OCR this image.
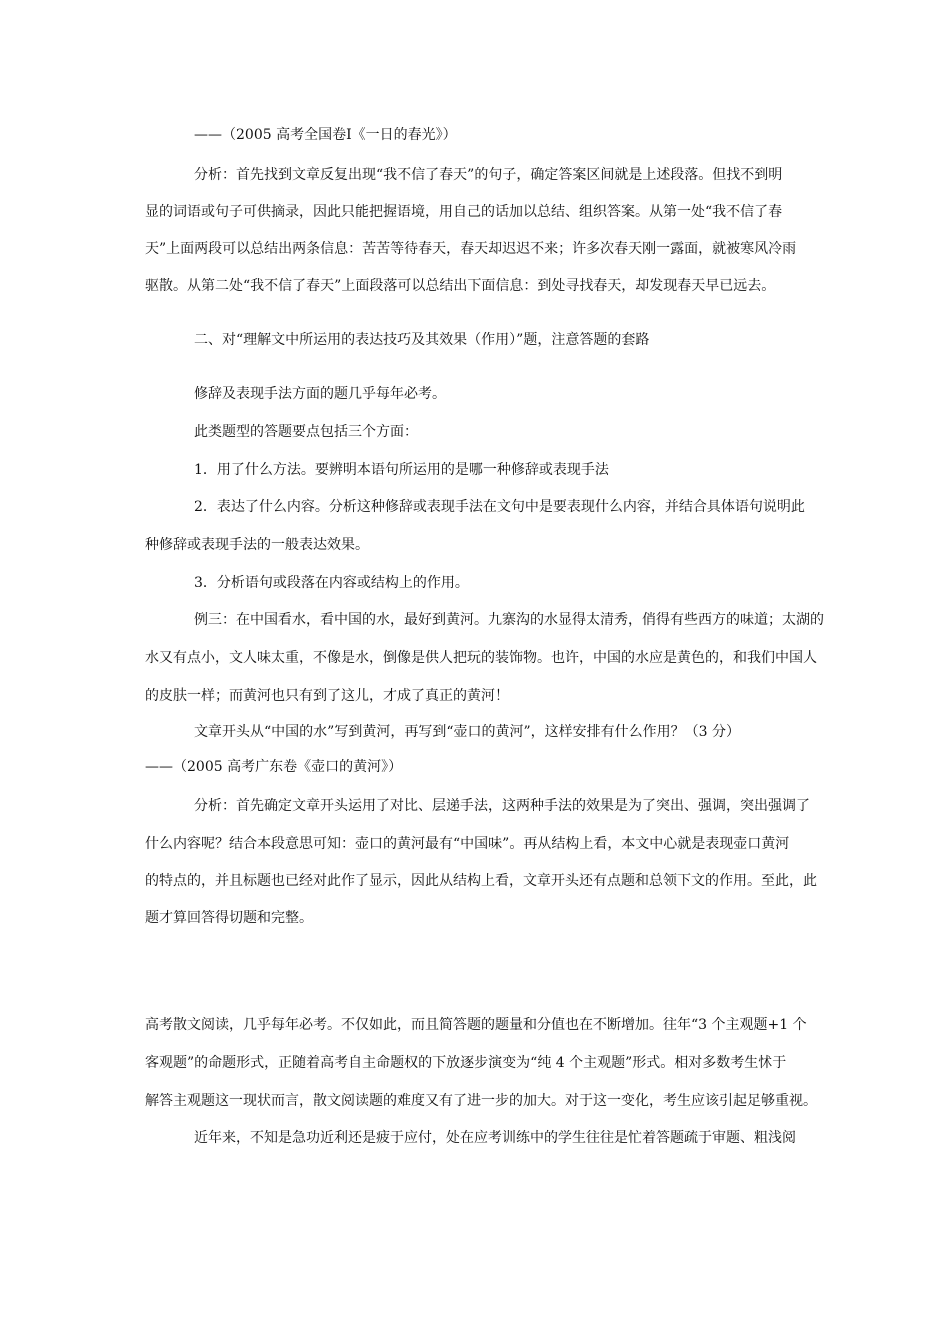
——（2005 高考全国卷Ⅰ《一日的春光》）
分析：首先找到文章反复出现“我不信了春天”的句子，确定答案区间就是上述段落。但找不到明
显的词语或句子可供摘录，因此只能把握语境，用自己的话加以总结、组织答案。从第一处“我不信了春
天”上面两段可以总结出两条信息：苦苦等待春天，春天却迟迟不来；许多次春天刚一露面，就被寒风冷雨
驱散。从第二处“我不信了春天”上面段落可以总结出下面信息：到处寻找春天，却发现春天早已远去。
二、对“理解文中所运用的表达技巧及其效果（作用）”题，注意答题的套路
修辞及表现手法方面的题几乎每年必考。
此类题型的答题要点包括三个方面：
1．用了什么方法。要辨明本语句所运用的是哪一种修辞或表现手法
2．表达了什么内容。分析这种修辞或表现手法在文句中是要表现什么内容，并结合具体语句说明此
种修辞或表现手法的一般表达效果。
3．分析语句或段落在内容或结构上的作用。
例三：在中国看水，看中国的水，最好到黄河。九寨沟的水显得太清秀，俏得有些西方的味道；太湖的
水又有点小，文人味太重，不像是水，倒像是供人把玩的装饰物。也许，中国的水应是黄色的，和我们中国人
的皮肤一样；而黄河也只有到了这儿，才成了真正的黄河！
文章开头从“中国的水”写到黄河，再写到“壶口的黄河”，这样安排有什么作用？（3 分）
——（2005 高考广东卷《壶口的黄河》）
分析：首先确定文章开头运用了对比、层递手法，这两种手法的效果是为了突出、强调，突出强调了
什么内容呢？结合本段意思可知：壶口的黄河最有“中国味”。再从结构上看，本文中心就是表现壶口黄河
的特点的，并且标题也已经对此作了显示，因此从结构上看，文章开头还有点题和总领下文的作用。至此，此
题才算回答得切题和完整。
高考散文阅读，几乎每年必考。不仅如此，而且简答题的题量和分值也在不断增加。往年“3 个主观题+1 个
客观题”的命题形式，正随着高考自主命题权的下放逐步演变为“纯 4 个主观题”形式。相对多数考生怵于
解答主观题这一现状而言，散文阅读题的难度又有了进一步的加大。对于这一变化，考生应该引起足够重视。
近年来，不知是急功近利还是疲于应付，处在应考训练中的学生往往是忙着答题疏于审题、粗浅阅
